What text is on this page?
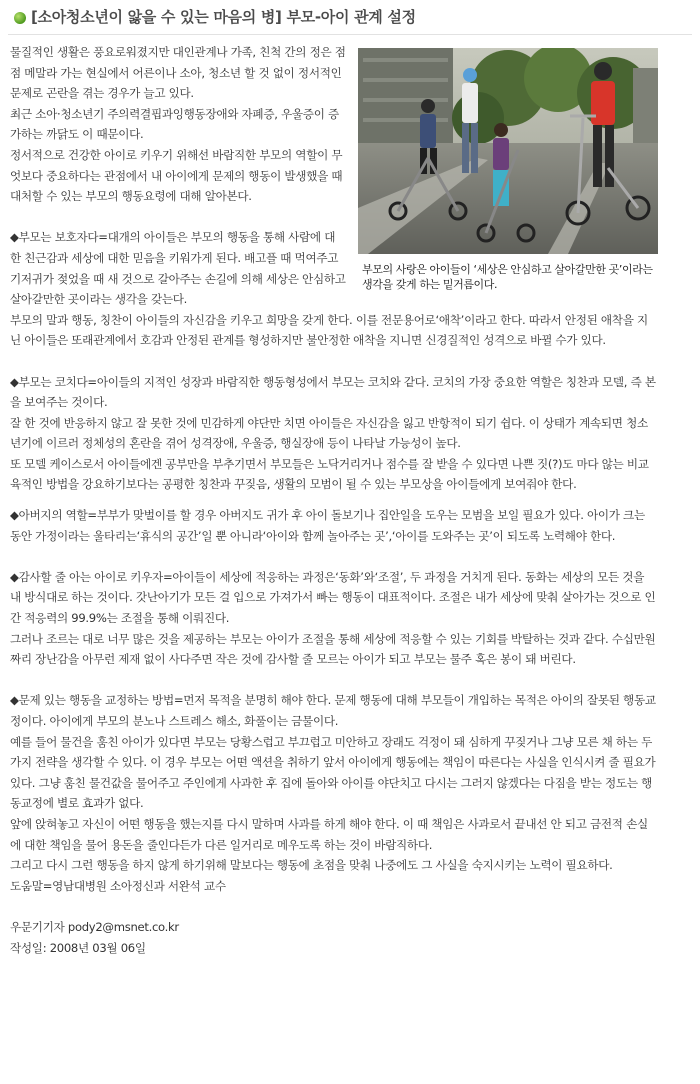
[소아청소년이 앓을 수 있는 마음의 병] 부모-아이 관계 설정
부모의 사랑은 아이들이 ‘세상은 안심하고 살아갈만한 곳’이라는 생각을 갖게 하는 밑거름이다.

물질적인 생활은 풍요로워졌지만 대인관계나 가족, 친척 간의 정은 점점 메말라 가는 현실에서 어른이나 소아, 청소년 할 것 없이 정서적인 문제로 곤란을 겪는 경우가 늘고 있다.

최근 소아·청소년기 주의력결핍과잉행동장애와 자폐증, 우울증이 증가하는 까닭도 이 때문이다.

정서적으로 건강한 아이로 키우기 위해선 바람직한 부모의 역할이 무엇보다 중요하다는 관점에서 내 아이에게 문제의 행동이 발생했을 때 대처할 수 있는 부모의 행동요령에 대해 알아본다.

◆부모는 보호자다=대개의 아이들은 부모의 행동을 통해 사람에 대한 친근감과 세상에 대한 믿음을 키워가게 된다. 배고플 때 먹여주고 기저귀가 젖었을 때 새 것으로 갈아주는 손길에 의해 세상은 안심하고 살아갈만한 곳이라는 생각을 갖는다.

부모의 말과 행동, 칭찬이 아이들의 자신감을 키우고 희망을 갖게 한다. 이를 전문용어로‘애착’이라고 한다. 따라서 안정된 애착을 지닌 아이들은 또래관계에서 호감과 안정된 관계를 형성하지만 불안정한 애착을 지니면 신경질적인 성격으로 바뀔 수가 있다.

◆부모는 코치다=아이들의 지적인 성장과 바람직한 행동형성에서 부모는 코치와 같다. 코치의 가장 중요한 역할은 칭찬과 모델, 즉 본을 보여주는 것이다.

잘 한 것에 반응하지 않고 잘 못한 것에 민감하게 야단만 치면 아이들은 자신감을 잃고 반항적이 되기 쉽다. 이 상태가 계속되면 청소년기에 이르러 정체성의 혼란을 겪어 성격장애, 우울증, 행실장애 등이 나타날 가능성이 높다.

또 모델 케이스로서 아이들에겐 공부만을 부추기면서 부모들은 노닥거리거나 점수를 잘 받을 수 있다면 나쁜 짓(?)도 마다 않는 비교육적인 방법을 강요하기보다는 공평한 칭찬과 꾸짖음, 생활의 모범이 될 수 있는 부모상을 아이들에게 보여줘야 한다.

◆아버지의 역할=부부가 맞벌이를 할 경우 아버지도 귀가 후 아이 돌보기나 집안일을 도우는 모범을 보일 필요가 있다. 아이가 크는 동안 가정이라는 울타리는‘휴식의 공간’일 뿐 아니라‘아이와 함께 놀아주는 곳’,‘아이를 도와주는 곳’이 되도록 노력해야 한다.

◆감사할 줄 아는 아이로 키우자=아이들이 세상에 적응하는 과정은‘동화’와‘조절’, 두 과정을 거치게 된다. 동화는 세상의 모든 것을 내 방식대로 하는 것이다. 갓난아기가 모든 걸 입으로 가져가서 빠는 행동이 대표적이다. 조절은 내가 세상에 맞춰 살아가는 것으로 인간 적응력의 99.9%는 조절을 통해 이뤄진다.

그러나 조르는 대로 너무 많은 것을 제공하는 부모는 아이가 조절을 통해 세상에 적응할 수 있는 기회를 박탈하는 것과 같다. 수십만원짜리 장난감을 아무런 제재 없이 사다주면 작은 것에 감사할 줄 모르는 아이가 되고 부모는 물주 혹은 봉이 돼 버린다.

◆문제 있는 행동을 교정하는 방법=먼저 목적을 분명히 해야 한다. 문제 행동에 대해 부모들이 개입하는 목적은 아이의 잘못된 행동교정이다. 아이에게 부모의 분노나 스트레스 해소, 화풀이는 금물이다.

예를 들어 물건을 훔친 아이가 있다면 부모는 당황스럽고 부끄럽고 미안하고 장래도 걱정이 돼 심하게 꾸짖거나 그냥 모른 채 하는 두 가지 전략을 생각할 수 있다. 이 경우 부모는 어떤 액션을 취하기 앞서 아이에게 행동에는 책임이 따른다는 사실을 인식시켜 줄 필요가 있다. 그냥 훔친 물건값을 물어주고 주인에게 사과한 후 집에 돌아와 아이를 야단치고 다시는 그러지 않겠다는 다짐을 받는 정도는 행동교정에 별로 효과가 없다.

앞에 앉혀놓고 자신이 어떤 행동을 했는지를 다시 말하며 사과를 하게 해야 한다. 이 때 책임은 사과로서 끝내선 안 되고 금전적 손실에 대한 책임을 물어 용돈을 줄인다든가 다른 일거리로 메우도록 하는 것이 바람직하다.

그리고 다시 그런 행동을 하지 않게 하기위해 말보다는 행동에 초점을 맞춰 나중에도 그 사실을 숙지시키는 노력이 필요하다.

도움말=영남대병원 소아정신과 서완석 교수

우문기기자 pody2@msnet.co.kr

작성일: 2008년 03월 06일
